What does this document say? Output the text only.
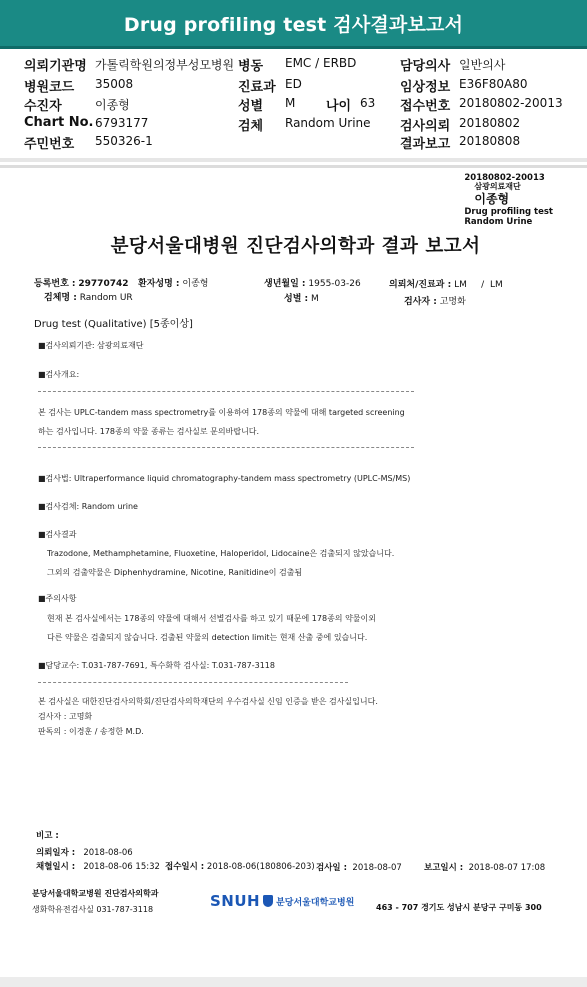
Drug profiling test 검사결과보고서
의뢰기관명 가톨릭학원의정부성모병원
병원코드 35008
수진자	이종형
Chart No. 6793177
주민번호 550326-1
병동 EMC / ERBD
진료과 ED
성별 M 나이 63
검체 Random Urine
담당의사 일반의사
임상정보 E36F80A80
접수번호 20180802-20013
검사의뢰 20180802
결과보고 20180808
20180802-20013
삼광의료재단
이종형
Drug profiling test
Random Urine
분당서울대병원 진단검사의학과 결과 보고서
등록번호 : 29770742 환자성명 : 이종형	생년월일 : 1955-03-26	의뢰처/진료과 : LM / LM
검체명 : Random UR	성별 : M	검사자 : 고명화
Drug test (Qualitative) [5종이상]
■검사의뢰기관: 삼광의료재단
■검사개요:
본 검사는 UPLC-tandem mass spectrometry를 이용하여 178종의 약물에 대해 targeted screening
하는 검사입니다. 178종의 약물 종류는 검사실로 문의바랍니다.
■검사법: Ultraperformance liquid chromatography-tandem mass spectrometry (UPLC-MS/MS)
■검사검체: Random urine
■검사결과
Trazodone, Methamphetamine, Fluoxetine, Haloperidol, Lidocaine은 검출되지 않았습니다.
그외의 검출약물은 Diphenhydramine, Nicotine, Ranitidine이 검출됨
■주의사항
현재 본 검사실에서는 178종의 약물에 대해서 선별검사를 하고 있기 때문에 178종의 약물이외
다른 약물은 검출되지 않습니다. 검출된 약물의 detection limit는 현재 산출 중에 있습니다.
■담당교수: T.031-787-7691, 특수화학 검사실: T.031-787-3118
본 검사실은 대한진단검사의학회/진단검사의학재단의 우수검사실 신임 인증을 받은 검사실입니다.
검사자 : 고명화
판독의 : 이경훈 / 송정한 M.D.
비고 :
의뢰일자 : 2018-08-06
채혈일시 : 2018-08-06 15:32 접수일시 : 2018-08-06(180806-203) 검사일 : 2018-08-07	보고일시 : 2018-08-07 17:08
분당서울대학교병원 진단검사의학과
생화학유전검사실 031-787-3118	SNUH 분당서울대학교병원	463 - 707 경기도 성남시 분당구 구미동 300
